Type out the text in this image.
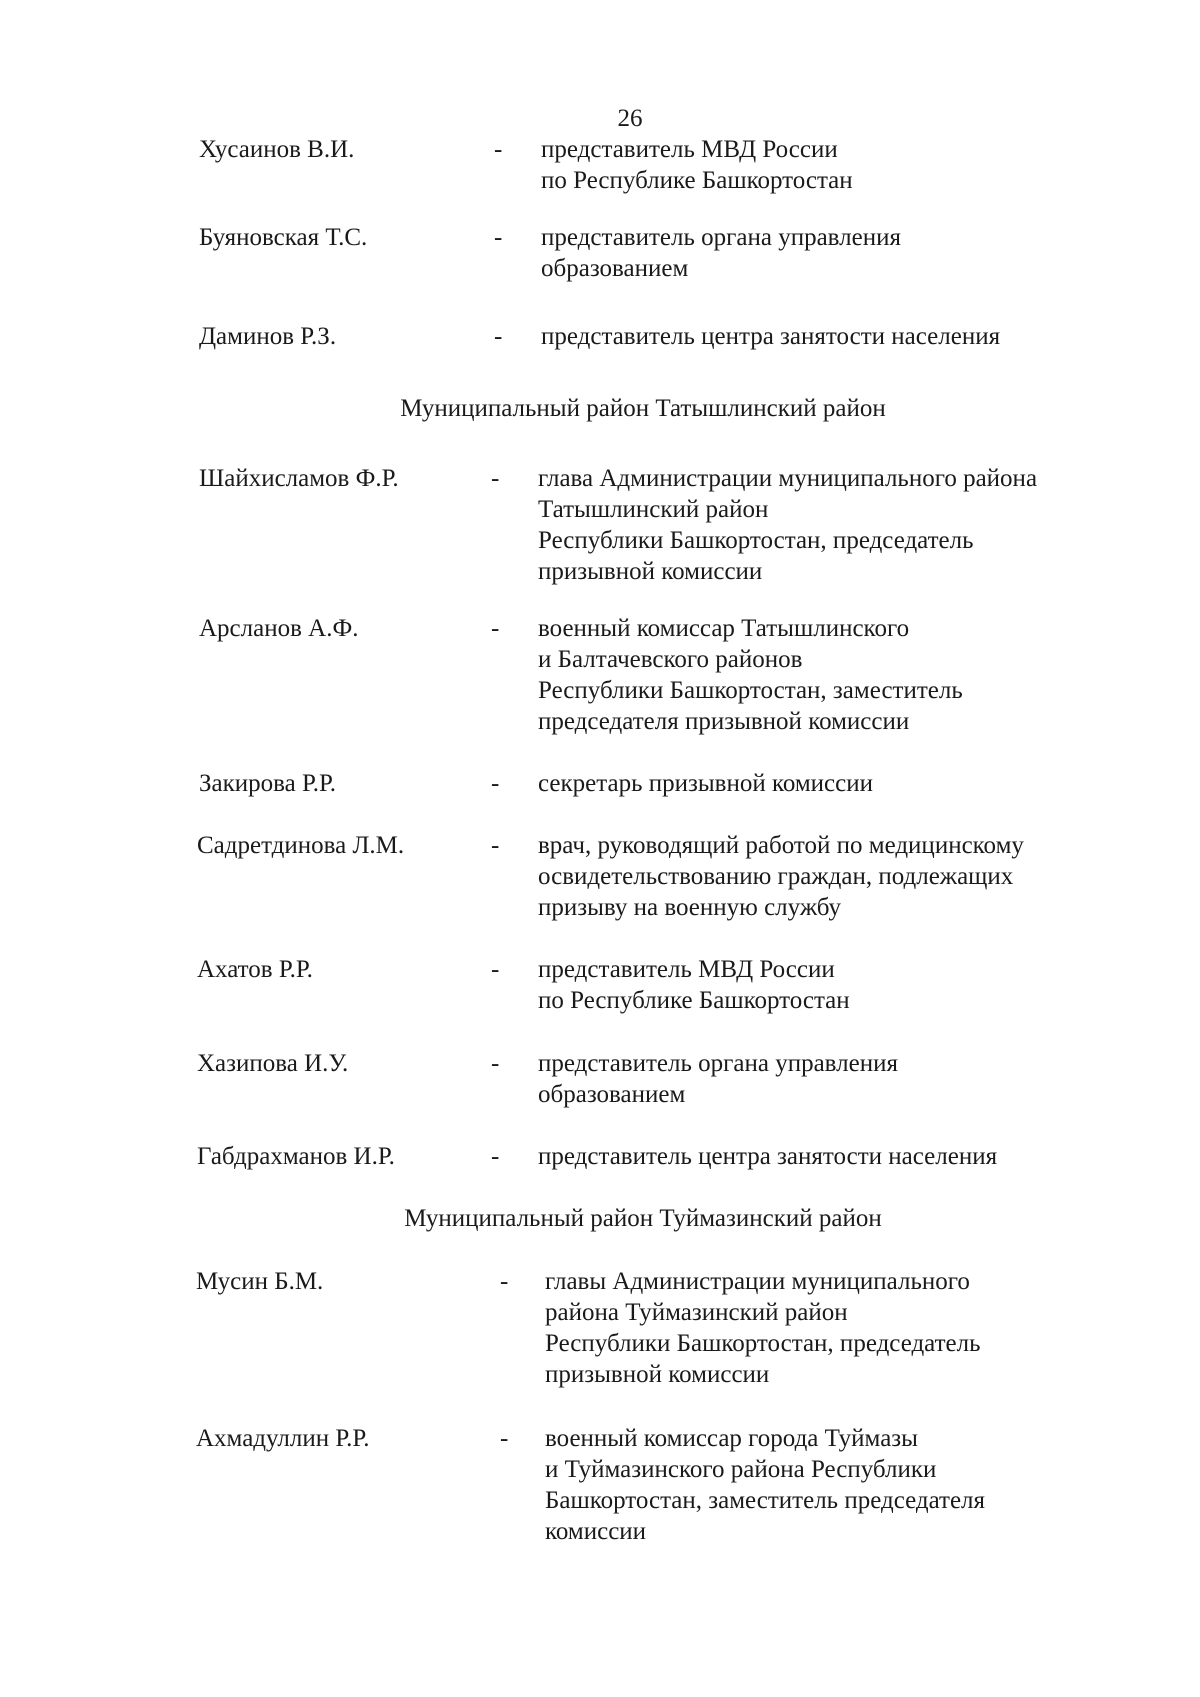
26
Хусаинов В.И.	- представитель МВД России
по Республике Башкортостан
Буяновская Т.С.	- представитель органа управления
образованием
Даминов Р.З.	- представитель центра занятости населения
Муниципальный район Татышлинский район
Шайхисламов Ф.Р.	- глава Администрации муниципального района
Татышлинский район
Республики Башкортостан, председатель
призывной комиссии
Арсланов А.Ф.	- военный комиссар Татышлинского
и Балтачевского районов
Республики Башкортостан, заместитель
председателя призывной комиссии
Закирова Р.Р.	- секретарь призывной комиссии
Садретдинова Л.М.	- врач, руководящий работой по медицинскому
освидетельствованию граждан, подлежащих
призыву на военную службу
Ахатов Р.Р.	- представитель МВД России
по Республике Башкортостан
Хазипова И.У.	- представитель органа управления
образованием
Габдрахманов И.Р.	- представитель центра занятости населения
Муниципальный район Туймазинский район
Мусин Б.М.	- главы Администрации муниципального
района Туймазинский район
Республики Башкортостан, председатель
призывной комиссии
Ахмадуллин Р.Р.	- военный комиссар города Туймазы
и Туймазинского района Республики
Башкортостан, заместитель председателя
комиссии
